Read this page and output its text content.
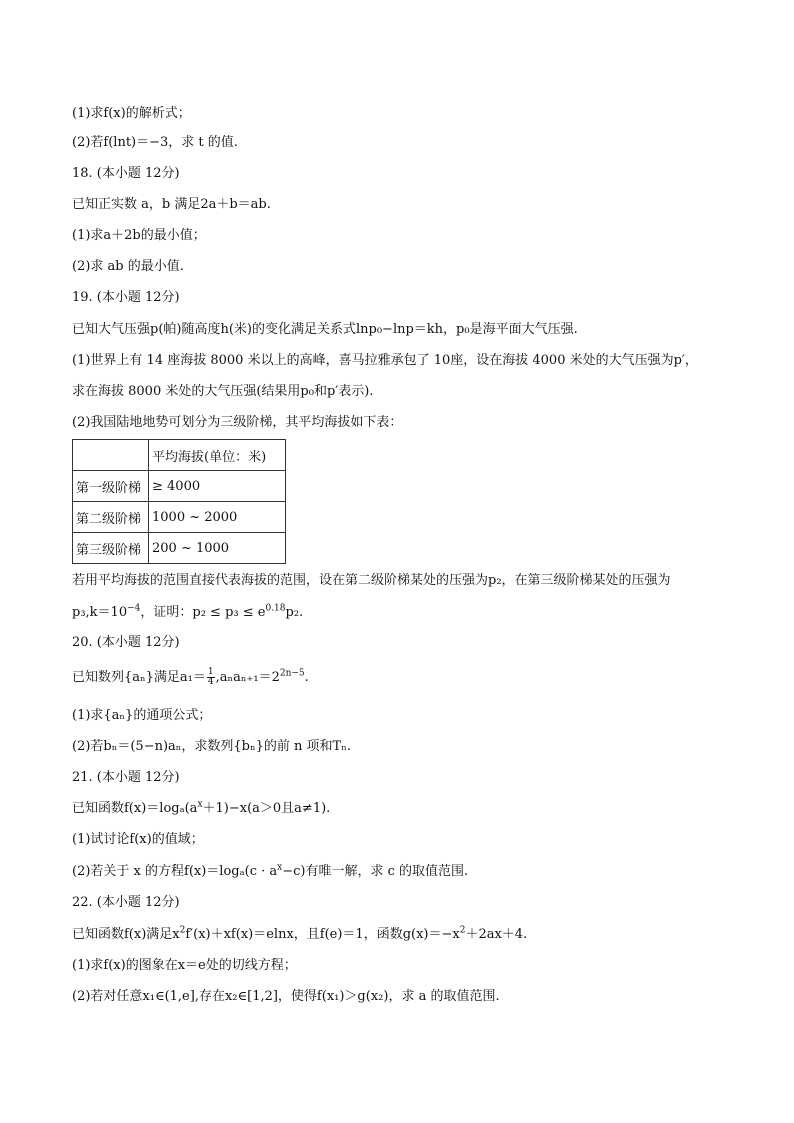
(1)求f(x)的解析式；
(2)若f(lnt)＝−3，求 t 的值.
18. (本小题 12分)
已知正实数 a，b 满足2a＋b＝ab.
(1)求a＋2b的最小值；
(2)求 ab 的最小值.
19. (本小题 12分)
已知大气压强p(帕)随高度h(米)的变化满足关系式lnp₀−lnp＝kh，p₀是海平面大气压强.
(1)世界上有 14 座海拔 8000 米以上的高峰，喜马拉雅承包了 10座，设在海拔 4000 米处的大气压强为p′，
求在海拔 8000 米处的大气压强(结果用p₀和p′表示).
(2)我国陆地地势可划分为三级阶梯，其平均海拔如下表：
	平均海拔(单位：米)
第一级阶梯	≥ 4000
第二级阶梯	1000 ~ 2000
第三级阶梯	200 ~ 1000
若用平均海拔的范围直接代表海拔的范围，设在第二级阶梯某处的压强为p₂，在第三级阶梯某处的压强为
$p_3,k=10^{-4}$，证明：$p_2 \le p_3 \le e^{0.18}p_2$.
20. (本小题 12分)
已知数列{aₙ}满足$a_1= \frac{1}{4} ,a_na_{n+1}=2^{2n-5}$.
(1)求{aₙ}的通项公式；
(2)若bₙ＝(5−n)aₙ，求数列{bₙ}的前 n 项和Tₙ.
21. (本小题 12分)
已知函数$f(x)=\log_a(a^x+1)-x(a>0$且a≠1).
(1)试讨论f(x)的值域；
(2)若关于 x 的方程$f(x)=\log_a(c \cdot a^x-c)$有唯一解，求 c 的取值范围.
22. (本小题 12分)
已知函数f(x)满足$x^2f'(x)+xf(x)=elnx$，且f(e)＝1，函数$g(x)=-x^2+2ax+4$.
(1)求f(x)的图象在x＝e处的切线方程；
(2)若对任意x₁∈(1,e],存在x₂∈[1,2]，使得f(x₁)＞g(x₂)，求 a 的取值范围.
